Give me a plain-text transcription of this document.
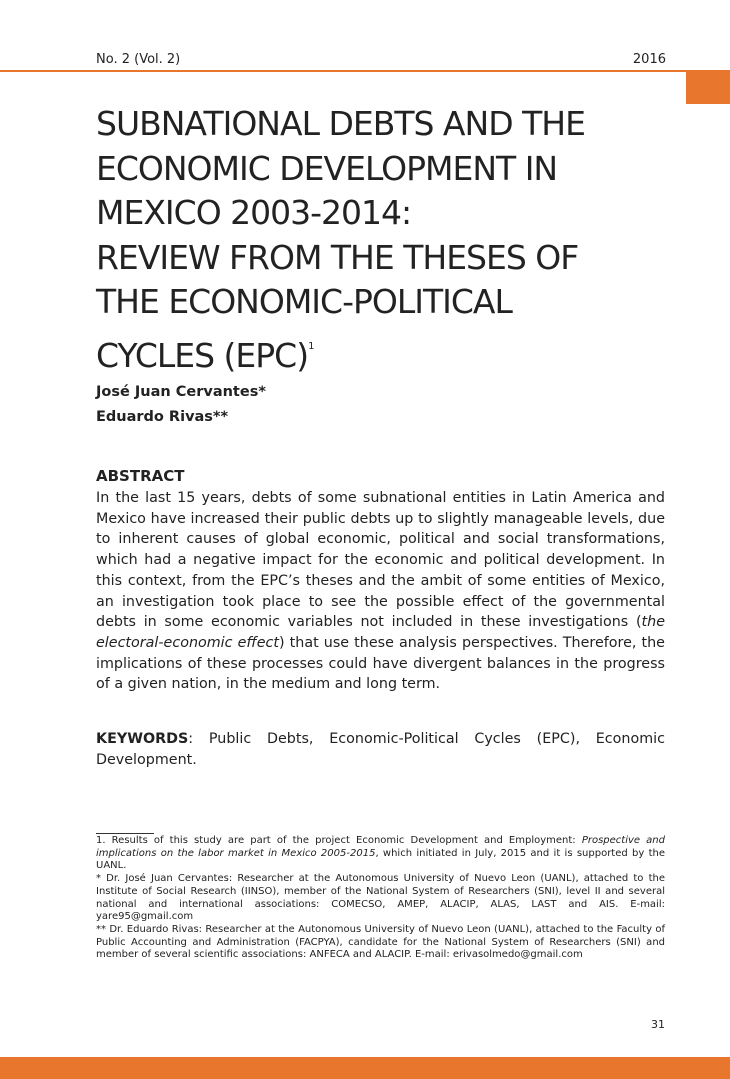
No. 2 (Vol. 2)	2016
SUBNATIONAL DEBTS AND THE
ECONOMIC DEVELOPMENT IN
MEXICO 2003-2014:
REVIEW FROM THE THESES OF
THE ECONOMIC-POLITICAL
CYCLES (EPC)$^1$
José Juan Cervantes*
Eduardo Rivas**
ABSTRACT

In the last 15 years, debts of some subnational entities in Latin America and Mexico have increased their public debts up to slightly manageable levels, due to inherent causes of global economic, political and social transformations, which had a negative impact for the economic and political development. In this context, from the EPC’s theses and the ambit of some entities of Mexico, an investigation took place to see the possible effect of the governmental debts in some economic variables not included in these investigations (the electoral-economic effect) that use these analysis perspectives. Therefore, the implications of these processes could have divergent balances in the progress of a given nation, in the medium and long term.

KEYWORDS: Public Debts, Economic-Political Cycles (EPC), Economic Development.

1. Results of this study are part of the project Economic Development and Employment: Prospective and implications on the labor market in Mexico 2005-2015, which initiated in July, 2015 and it is supported by the UANL.

* Dr. José Juan Cervantes: Researcher at the Autonomous University of Nuevo Leon (UANL), attached to the Institute of Social Research (IINSO), member of the National System of Researchers (SNI), level II and several national and international associations: COMECSO, AMEP, ALACIP, ALAS, LAST and AIS. E-mail: yare95@gmail.com

** Dr. Eduardo Rivas: Researcher at the Autonomous University of Nuevo Leon (UANL), attached to the Faculty of Public Accounting and Administration (FACPYA), candidate for the National System of Researchers (SNI) and member of several scientific associations: ANFECA and ALACIP. E-mail: erivasolmedo@gmail.com

31
